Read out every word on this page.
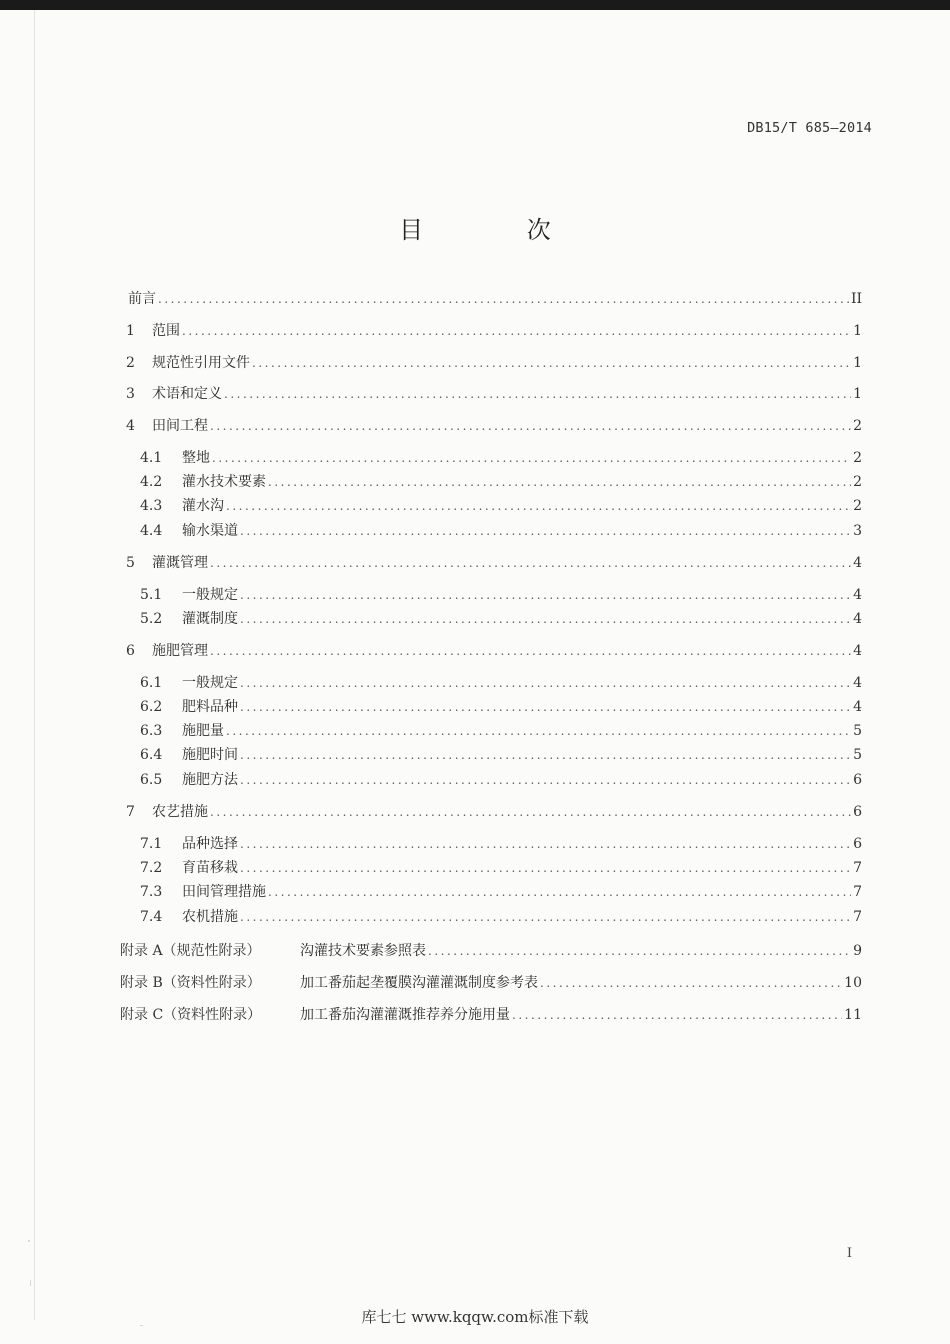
DB15/T 685—2014
目 次
前言 .....	II
1	范围 .....	1
2	规范性引用文件 .....	1
3	术语和定义 .....	1
4	田间工程 .....	2
4.1	整地 .....	2
4.2	灌水技术要素 .....	2
4.3	灌水沟 .....	2
4.4	输水渠道 .....	3
5	灌溉管理 .....	4
5.1	一般规定 .....	4
5.2	灌溉制度 .....	4
6	施肥管理 .....	4
6.1	一般规定 .....	4
6.2	肥料品种 .....	4
6.3	施肥量 .....	5
6.4	施肥时间 .....	5
6.5	施肥方法 .....	6
7	农艺措施 .....	6
7.1	品种选择 .....	6
7.2	育苗移栽 .....	7
7.3	田间管理措施 .....	7
7.4	农机措施 .....	7
附录 A（规范性附录）	沟灌技术要素参照表 .....	9
附录 B（资料性附录）	加工番茄起垄覆膜沟灌灌溉制度参考表 .....	10
附录 C（资料性附录）	加工番茄沟灌灌溉推荐养分施用量 .....	11
I
库七七 www.kqqw.com标准下载
